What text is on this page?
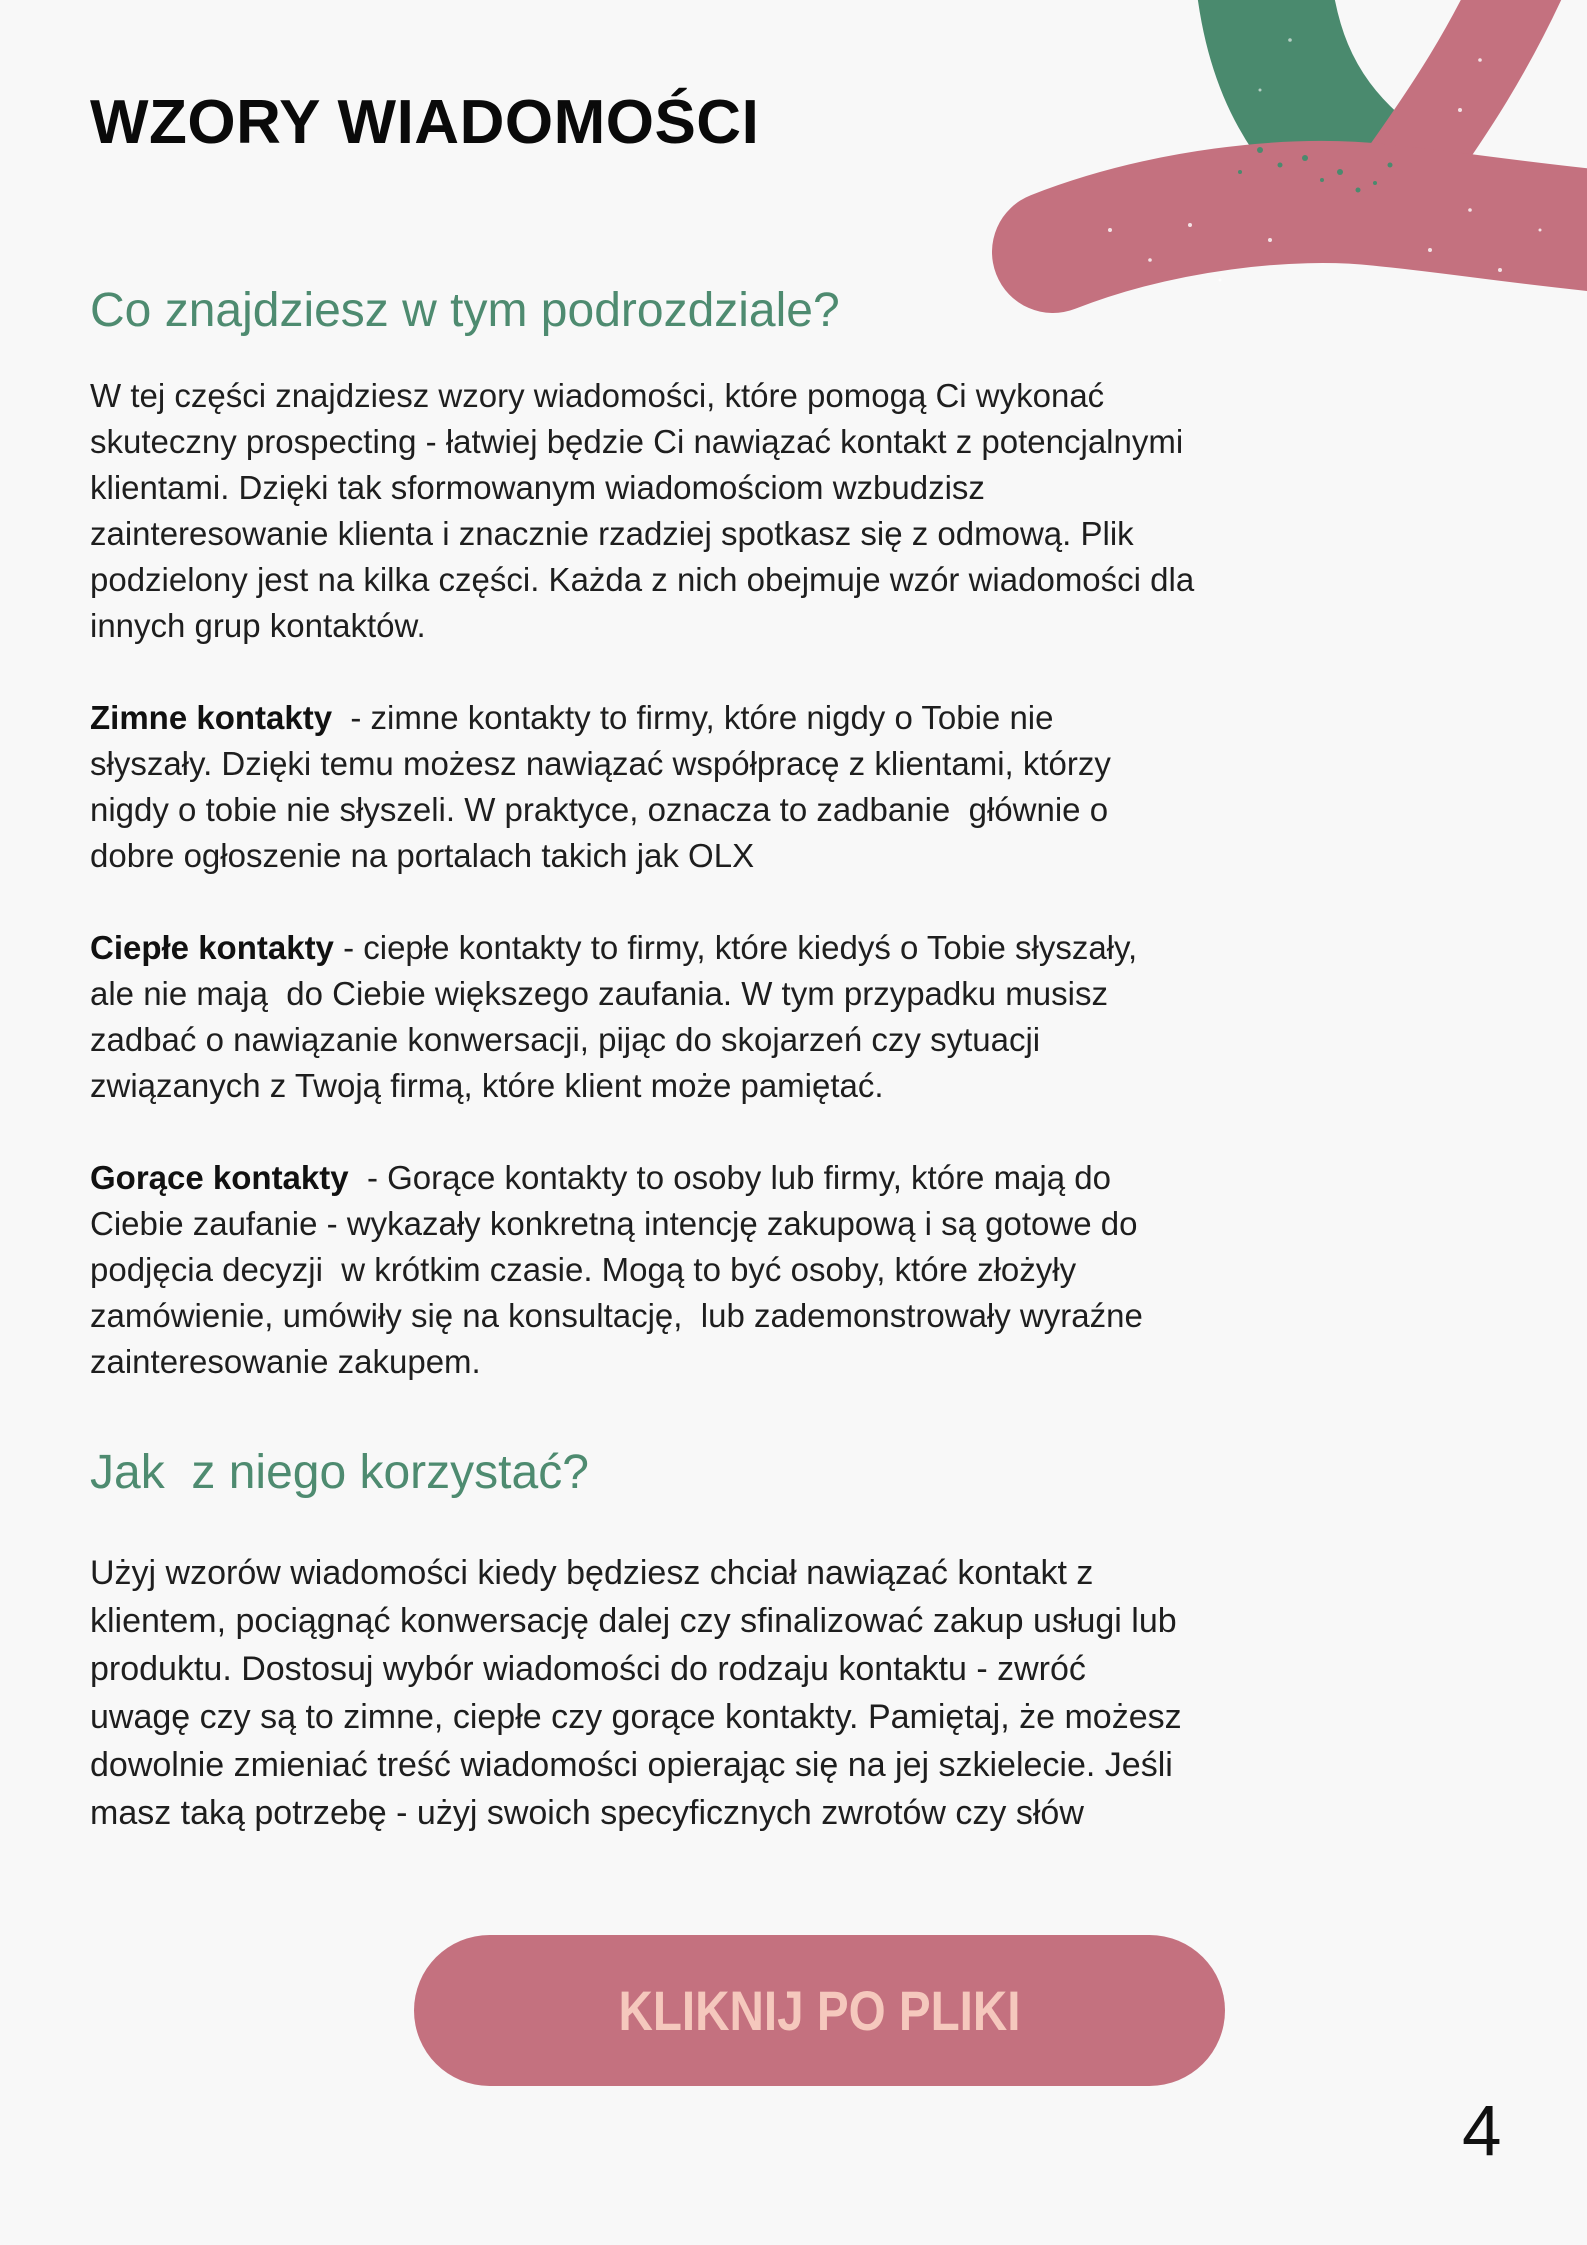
WZORY WIADOMOŚCI
Co znajdziesz w tym podrozdziale?
W tej części znajdziesz wzory wiadomości, które pomogą Ci wykonać
skuteczny prospecting - łatwiej będzie Ci nawiązać kontakt z potencjalnymi
klientami. Dzięki tak sformowanym wiadomościom wzbudzisz
zainteresowanie klienta i znacznie rzadziej spotkasz się z odmową. Plik
podzielony jest na kilka części. Każda z nich obejmuje wzór wiadomości dla
innych grup kontaktów.
Zimne kontakty  - zimne kontakty to firmy, które nigdy o Tobie nie
słyszały. Dzięki temu możesz nawiązać współpracę z klientami, którzy
nigdy o tobie nie słyszeli. W praktyce, oznacza to zadbanie  głównie o
dobre ogłoszenie na portalach takich jak OLX
Ciepłe kontakty - ciepłe kontakty to firmy, które kiedyś o Tobie słyszały,
ale nie mają  do Ciebie większego zaufania. W tym przypadku musisz
zadbać o nawiązanie konwersacji, pijąc do skojarzeń czy sytuacji
związanych z Twoją firmą, które klient może pamiętać.
Gorące kontakty  - Gorące kontakty to osoby lub firmy, które mają do
Ciebie zaufanie - wykazały konkretną intencję zakupową i są gotowe do
podjęcia decyzji  w krótkim czasie. Mogą to być osoby, które złożyły
zamówienie, umówiły się na konsultację,  lub zademonstrowały wyraźne
zainteresowanie zakupem.
Jak  z niego korzystać?
Użyj wzorów wiadomości kiedy będziesz chciał nawiązać kontakt z
klientem, pociągnąć konwersację dalej czy sfinalizować zakup usługi lub
produktu. Dostosuj wybór wiadomości do rodzaju kontaktu - zwróć
uwagę czy są to zimne, ciepłe czy gorące kontakty. Pamiętaj, że możesz
dowolnie zmieniać treść wiadomości opierając się na jej szkielecie. Jeśli
masz taką potrzebę - użyj swoich specyficznych zwrotów czy słów
KLIKNIJ PO PLIKI
4
